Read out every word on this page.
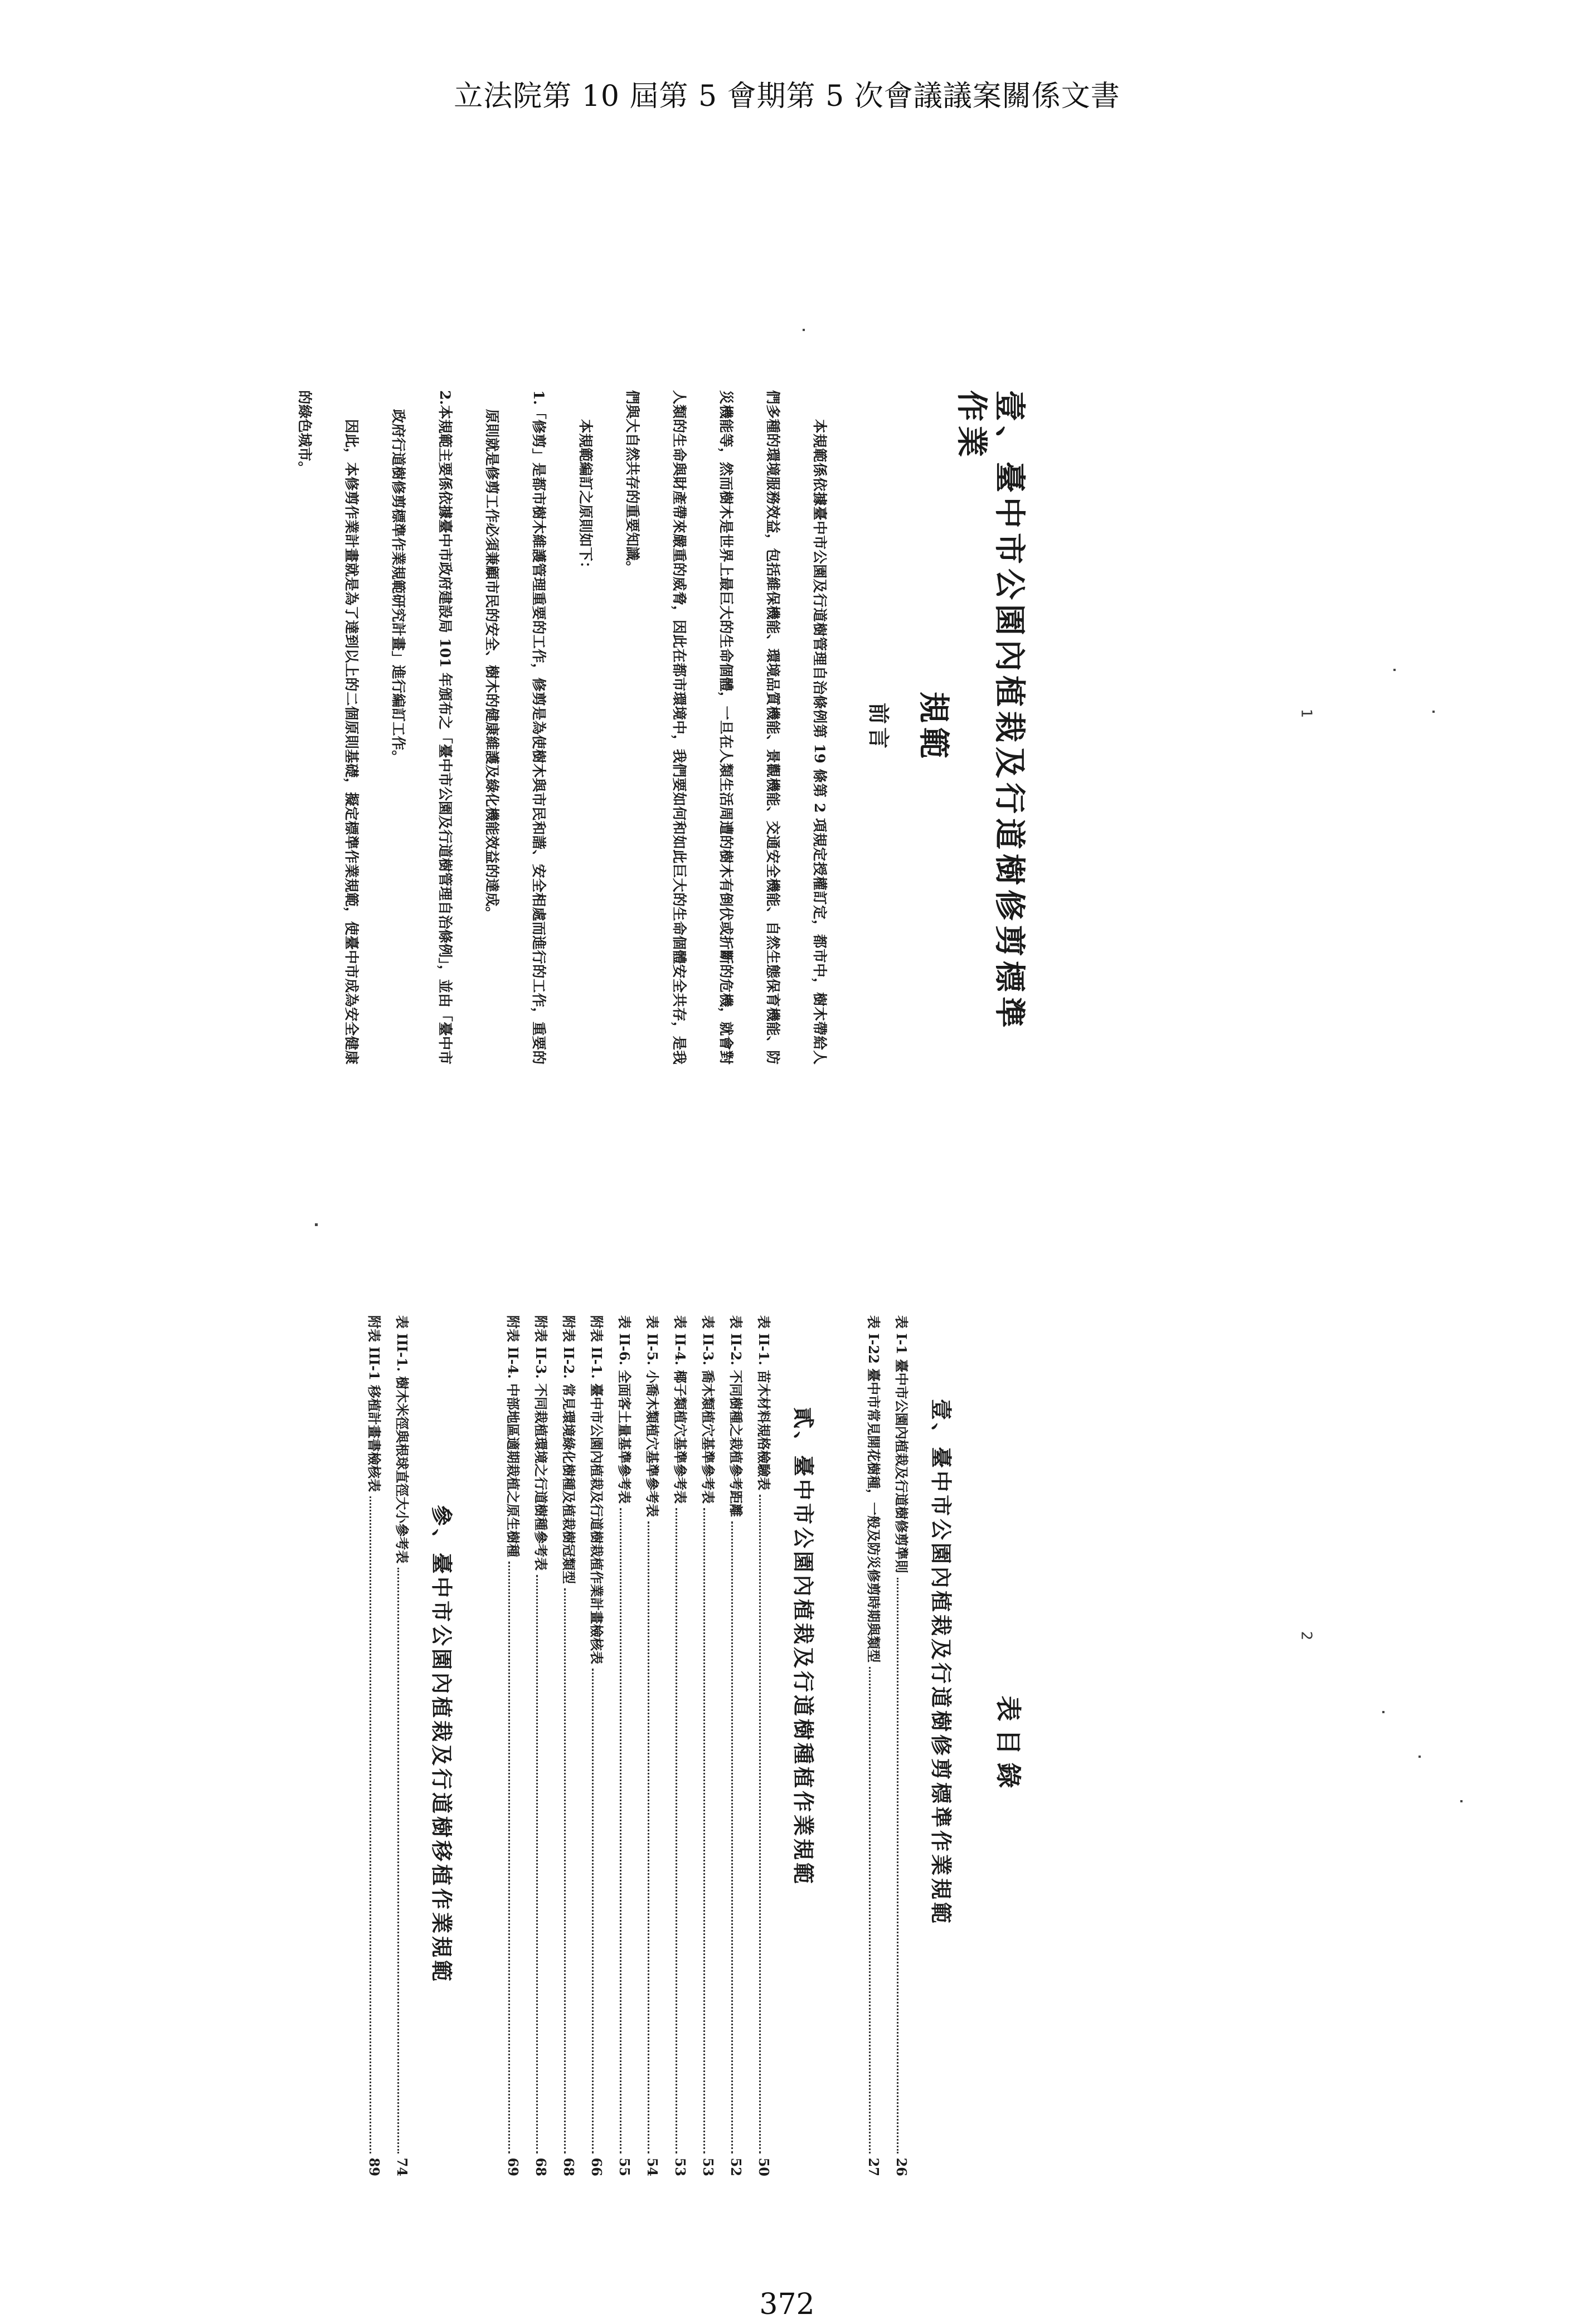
立法院第 10 屆第 5 會期第 5 次會議議案關係文書
壹、臺中市公園內植栽及行道樹修剪標準作業
規範
前言

本規範係依據臺中市公園及行道樹管理自治條例第 19 條第 2 項規定授權訂定，都市中，樹木帶給人們多種的環境服務效益，包括維保機能、環境品質機能、景觀機能、交通安全機能、自然生態保育機能、防災機能等，然而樹木是世界上最巨大的生命個體，一旦在人類生活周遭的樹木有倒伏或折斷的危機，就會對人類的生命與財產帶來嚴重的威脅，因此在都市環境中，我們要如何和如此巨大的生命個體安全共存，是我們與大自然共存的重要知識。

本規範編訂之原則如下：

1.「修剪」是都市樹木維護管理重要的工作，修剪是為使樹木與市民和諧、安全相處而進行的工作，重要的原則就是修剪工作必須兼顧市民的安全、樹木的健康維護及綠化機能效益的達成。

2.本規範主要係依據臺中市政府建設局 101 年頒布之「臺中市公園及行道樹管理自治條例」，並由「臺中市政府行道樹修剪標準作業規範研究計畫」進行編訂工作。

因此，本修剪作業計畫就是為了達到以上的二個原則基礎，擬定標準作業規範，使臺中市成為安全健康的綠色城市。

表目錄
壹、臺中市公園內植栽及行道樹修剪標準作業規範
表 I-1 臺中市公園內植栽及行道樹修剪準則
26
表 I-22 臺中市常見開花樹種，一般及防災修剪時期與類型
27
貳、臺中市公園內植栽及行道樹種植作業規範
表 II-1. 苗木材料規格檢驗表
50
表 II-2. 不同樹種之栽植參考距離
52
表 II-3. 喬木類植穴基準參考表
53
表 II-4. 椰子類植穴基準參考表
53
表 II-5. 小喬木類植穴基準參考表
54
表 II-6. 全面客土量基準參考表
55
附表 II-1. 臺中市公園內植栽及行道樹栽植作業計畫檢核表
66
附表 II-2. 常見環境綠化樹種及植栽樹冠類型
68
附表 II-3. 不同栽植環境之行道樹種參考表
68
附表 II-4. 中部地區適期栽植之原生樹種
69
參、臺中市公園內植栽及行道樹移植作業規範
表 III-1. 樹木米徑與根球直徑大小參考表
74
附表 III-1 移植計畫書檢核表
89
1
2
372
